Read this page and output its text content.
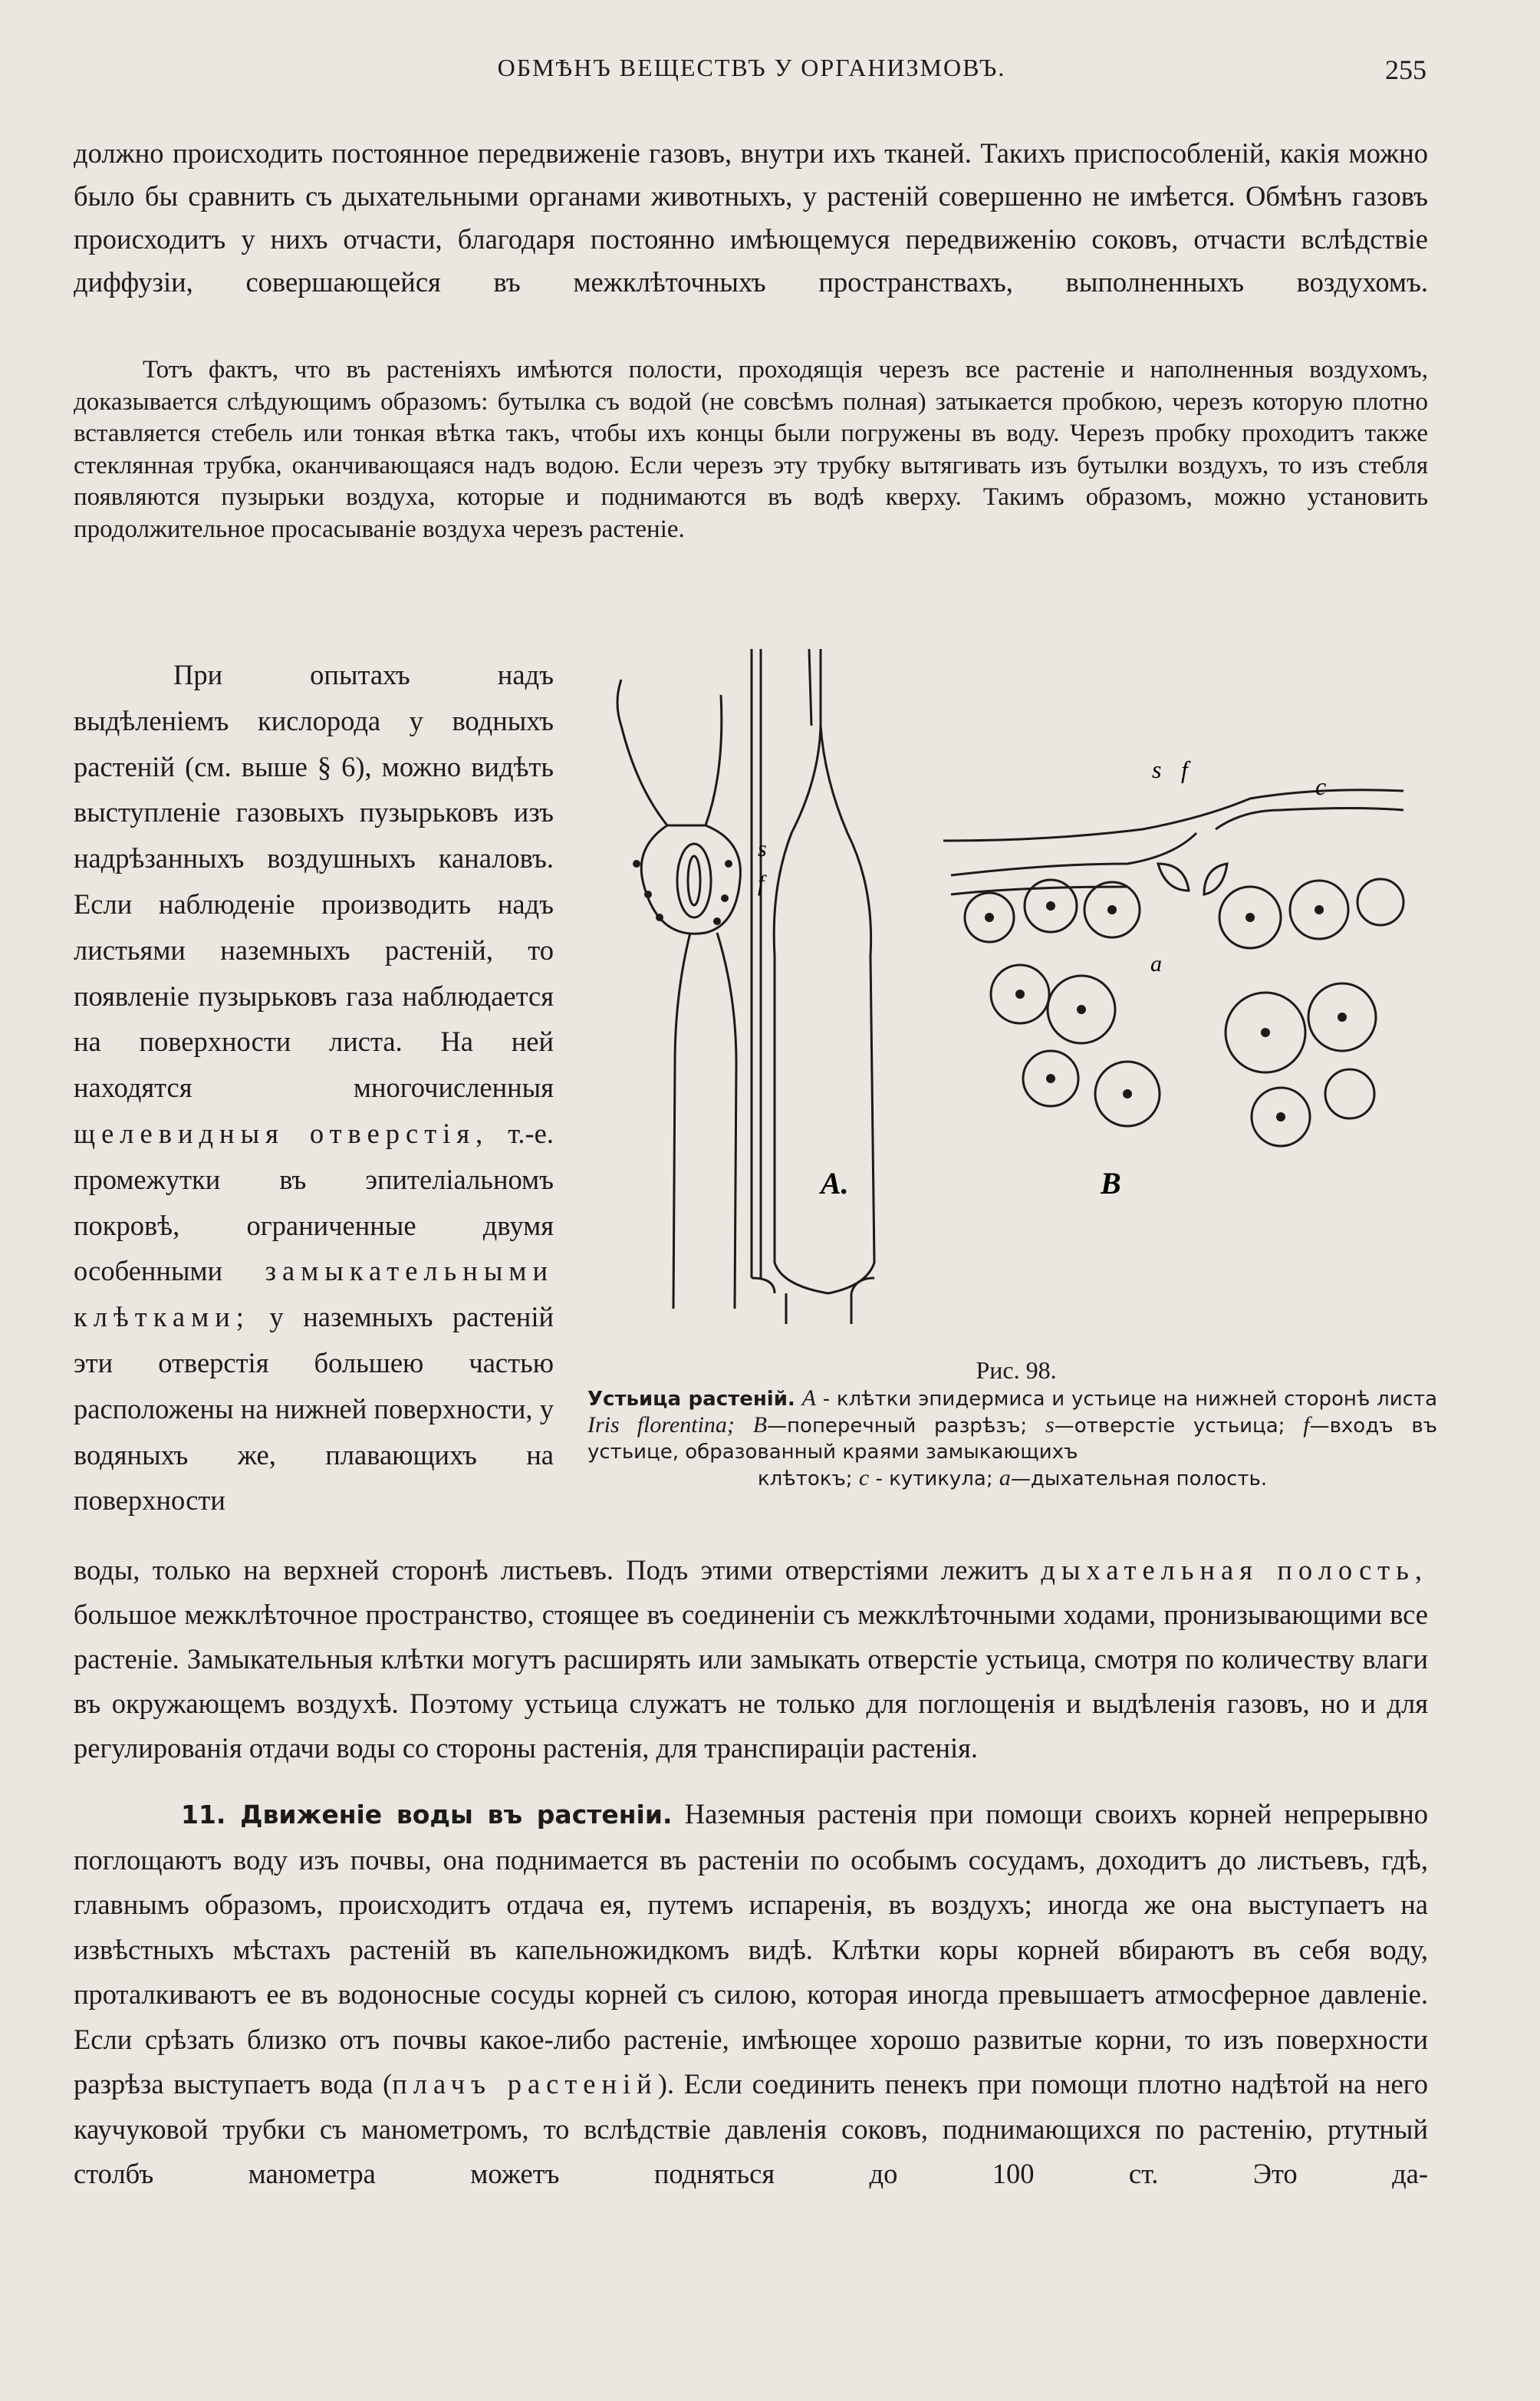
ОБМѢНЪ ВЕЩЕСТВЪ У ОРГАНИЗМОВЪ.	255

должно происходить постоянное передвиженіе газовъ, внутри ихъ тканей. Такихъ приспособленій, какія можно было бы сравнить съ дыхательными органами животныхъ, у растеній совершенно не имѣется. Обмѣнъ газовъ происходитъ у нихъ отчасти, благодаря постоянно имѣющемуся передвиженію соковъ, отчасти вслѣдствіе диффузіи, совершающейся въ межклѣточныхъ пространствахъ, выполненныхъ воздухомъ.

Тотъ фактъ, что въ растеніяхъ имѣются полости, проходящія черезъ все растеніе и наполненныя воздухомъ, доказывается слѣдующимъ образомъ: бутылка съ водой (не совсѣмъ полная) затыкается пробкою, черезъ которую плотно вставляется стебель или тонкая вѣтка такъ, чтобы ихъ концы были погружены въ воду. Черезъ пробку проходитъ также стеклянная трубка, оканчивающаяся надъ водою. Если черезъ эту трубку вытягивать изъ бутылки воздухъ, то изъ стебля появляются пузырьки воздуха, которые и поднимаются въ водѣ кверху. Такимъ образомъ, можно установить продолжительное просасываніе воздуха черезъ растеніе.

При опытахъ надъ выдѣленіемъ кислорода у водныхъ растеній (см. выше § 6), можно видѣть выступленіе газовыхъ пузырьковъ изъ надрѣзанныхъ воздушныхъ каналовъ. Если наблюденіе производить надъ листьями наземныхъ растеній, то появленіе пузырьковъ газа наблюдается на поверхности листа. На ней находятся многочисленныя щелевидныя отверстія, т.-е. промежутки въ эпителіальномъ покровѣ, ограниченные двумя особенными замыкательными клѣтками; у наземныхъ растеній эти отверстія большею частью расположены на нижней поверхности, у водяныхъ же, плавающихъ на поверхности

s
f
s f
c
a
A.	B
Рис. 98.
Устьица растеній. A - клѣтки эпидермиса и устьице на нижней сторонѣ листа Iris florentina; B—поперечный разрѣзъ; s—отверстіе устьица; f—входъ въ устьице, образованный краями замыкающихъ
клѣтокъ; c - кутикула; a—дыхательная полость.

воды, только на верхней сторонѣ листьевъ. Подъ этими отверстіями лежитъ дыхательная полость, большое межклѣточное пространство, стоящее въ соединеніи съ межклѣточными ходами, пронизывающими все растеніе. Замыкательныя клѣтки могутъ расширять или замыкать отверстіе устьица, смотря по количеству влаги въ окружающемъ воздухѣ. Поэтому устьица служатъ не только для поглощенія и выдѣленія газовъ, но и для регулированія отдачи воды со стороны растенія, для транспираціи растенія.

11. Движеніе воды въ растеніи. Наземныя растенія при помощи своихъ корней непрерывно поглощаютъ воду изъ почвы, она поднимается въ растеніи по особымъ сосудамъ, доходитъ до листьевъ, гдѣ, главнымъ образомъ, происходитъ отдача ея, путемъ испаренія, въ воздухъ; иногда же она выступаетъ на извѣстныхъ мѣстахъ растеній въ капельножидкомъ видѣ. Клѣтки коры корней вбираютъ въ себя воду, проталкиваютъ ее въ водоносные сосуды корней съ силою, которая иногда превышаетъ атмосферное давленіе. Если срѣзать близко отъ почвы какое-либо растеніе, имѣющее хорошо развитые корни, то изъ поверхности разрѣза выступаетъ вода (плачъ растеній). Если соединить пенекъ при помощи плотно надѣтой на него каучуковой трубки съ манометромъ, то вслѣдствіе давленія соковъ, поднимающихся по растенію, ртутный столбъ манометра можетъ подняться до 100 ст. Это да-
